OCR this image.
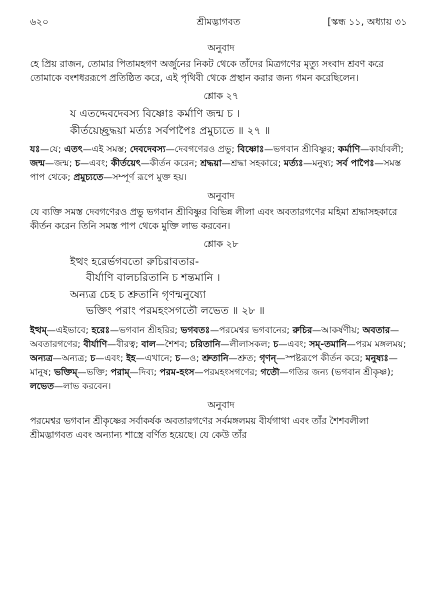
৬২০	শ্রীমদ্ভাগবত	[স্কন্ধ ১১, অধ্যায় ৩১
অনুবাদ

হে প্রিয় রাজন, তোমার পিতামহগণ অর্জুনের নিকট থেকে তাঁদের মিত্রগণের মৃত্যু সংবাদ শ্রবণ করে তোমাকে বংশধররূপে প্রতিষ্ঠিত করে, এই পৃথিবী থেকে প্রস্থান করার জন্য গমন করেছিলেন।

শ্লোক ২৭
য এতদ্দেবদেবস্য বিষ্ণোঃ কর্মাণি জন্ম চ ।
কীর্তয়েচ্ছ্রদ্ধয়া মর্ত্যঃ সর্বপাপৈঃ প্রমুচ্যতে ॥ ২৭ ॥

যঃ—যে; এতৎ—এই সমস্ত; দেবদেবস্য—দেবগণেরও প্রভু; বিষ্ণোঃ—ভগবান শ্রীবিষ্ণুর; কর্মাণি—কার্যাবলী; জন্ম—জন্ম; চ—এবং; কীর্তয়েৎ—কীর্তন করেন; শ্রদ্ধয়া—শ্রদ্ধা সহকারে; মর্ত্যঃ—মনুষ্য; সর্ব পাপৈঃ—সমস্ত পাপ থেকে; প্রমুচ্যতে—সম্পূর্ণ রূপে মুক্ত হয়।

অনুবাদ

যে ব্যক্তি সমস্ত দেবগণেরও প্রভু ভগবান শ্রীবিষ্ণুর বিভিন্ন লীলা এবং অবতারগণের মহিমা শ্রদ্ধাসহকারে কীর্তন করেন তিনি সমস্ত পাপ থেকে মুক্তি লাভ করবেন।

শ্লোক ২৮
ইত্থং হরের্ভগবতো রুচিরাবতার-
বীর্যাণি বালচরিতানি চ শন্তমানি ।
অন্যত্র চেহ চ শ্রুতানি গৃণন্মনুষ্যো
ভক্তিং পরাং পরমহংসগতৌ লভেত ॥ ২৮ ॥

ইত্থম্—এইভাবে; হরেঃ—ভগবান শ্রীহরির; ভগবতঃ—পরমেশ্বর ভগবানের; রুচির—আকর্ষণীয়; অবতার—অবতারগণের; বীর্যাণি—বীরত্ব; বাল—শৈশব; চরিতানি—লীলাসকল; চ—এবং; সম্-তমানি—পরম মঙ্গলময়; অন্যত্র—অন্যত্র; চ—এবং; ইহ—এখানে; চ—ও; শ্রুতানি—শ্রুত; গৃণন্—স্পষ্টরূপে কীর্তন করে; মনুষ্যঃ—মানুষ; ভক্তিম্—ভক্তি; পরাম্—দিব্য; পরম-হংস—পরমহংসগণের; গতৌ—গতির জন্য (ভগবান শ্রীকৃষ্ণ); লভেত—লাভ করবেন।

অনুবাদ

পরমেশ্বর ভগবান শ্রীকৃষ্ণের সর্বাকর্ষক অবতারগণের সর্বমঙ্গলময় বীর্যগাথা এবং তাঁর শৈশবলীলা শ্রীমদ্ভাগবত এবং অন্যান্য শাস্ত্রে বর্ণিত হয়েছে। যে কেউ তাঁর
